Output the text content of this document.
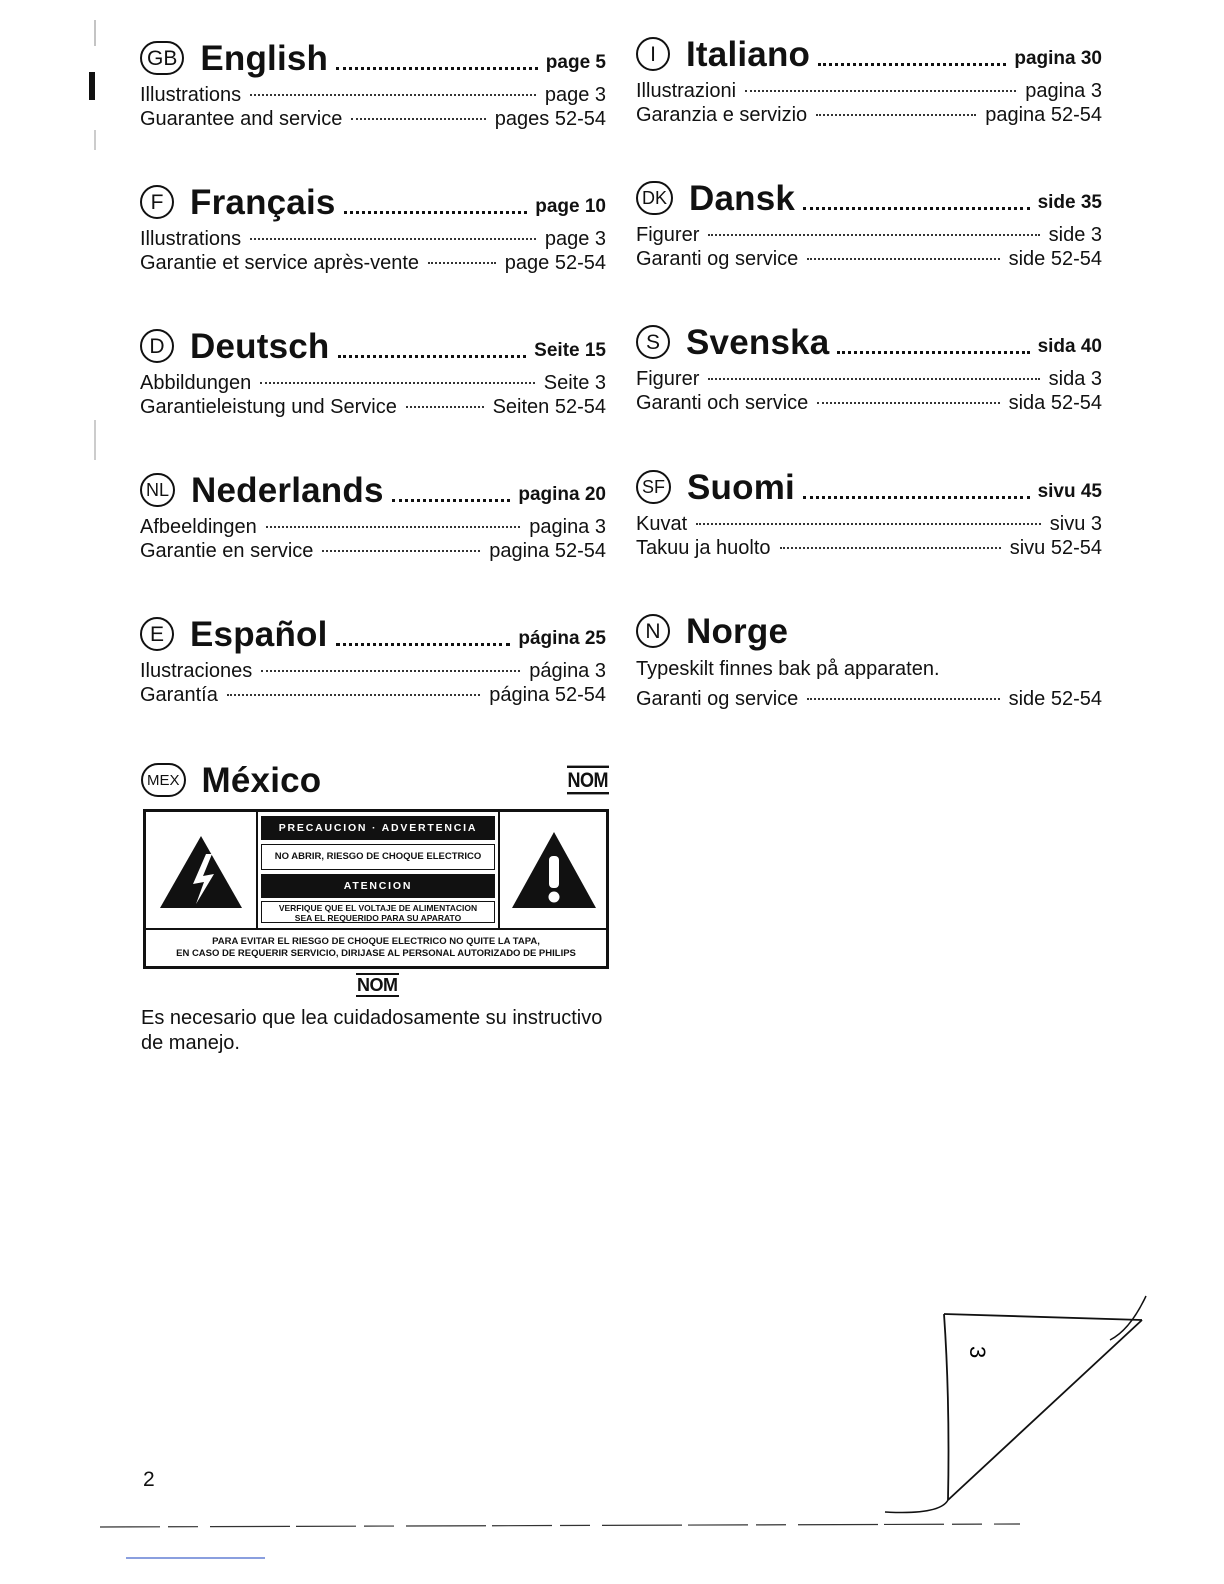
GB English	page 5
Illustrations	page 3
Guarantee and service	pages 52-54
I Italiano	pagina 30
Illustrazioni	pagina 3
Garanzia e servizio	pagina 52-54
F Français	page 10
Illustrations	page 3
Garantie et service après-vente	page 52-54
DK Dansk	side 35
Figurer	side 3
Garanti og service	side 52-54
D Deutsch	Seite 15
Abbildungen	Seite 3
Garantieleistung und Service	Seiten 52-54
S Svenska	sida 40
Figurer	sida 3
Garanti och service	sida 52-54
NL Nederlands	pagina 20
Afbeeldingen	pagina 3
Garantie en service	pagina 52-54
SF Suomi	sivu 45
Kuvat	sivu 3
Takuu ja huolto	sivu 52-54
E Español	página 25
Ilustraciones	página 3
Garantía	página 52-54
N Norge
Typeskilt finnes bak på apparaten.
Garanti og service	side 52-54
MEX México	NOM
PRECAUCION · ADVERTENCIA
NO ABRIR, RIESGO DE CHOQUE ELECTRICO
ATENCION
VERFIQUE QUE EL VOLTAJE DE ALIMENTACION
SEA EL REQUERIDO PARA SU APARATO
PARA EVITAR EL RIESGO DE CHOQUE ELECTRICO NO QUITE LA TAPA,
EN CASO DE REQUERIR SERVICIO, DIRIJASE AL PERSONAL AUTORIZADO DE PHILIPS
NOM
Es necesario que lea cuidadosamente su instructivo de manejo.
2
3
